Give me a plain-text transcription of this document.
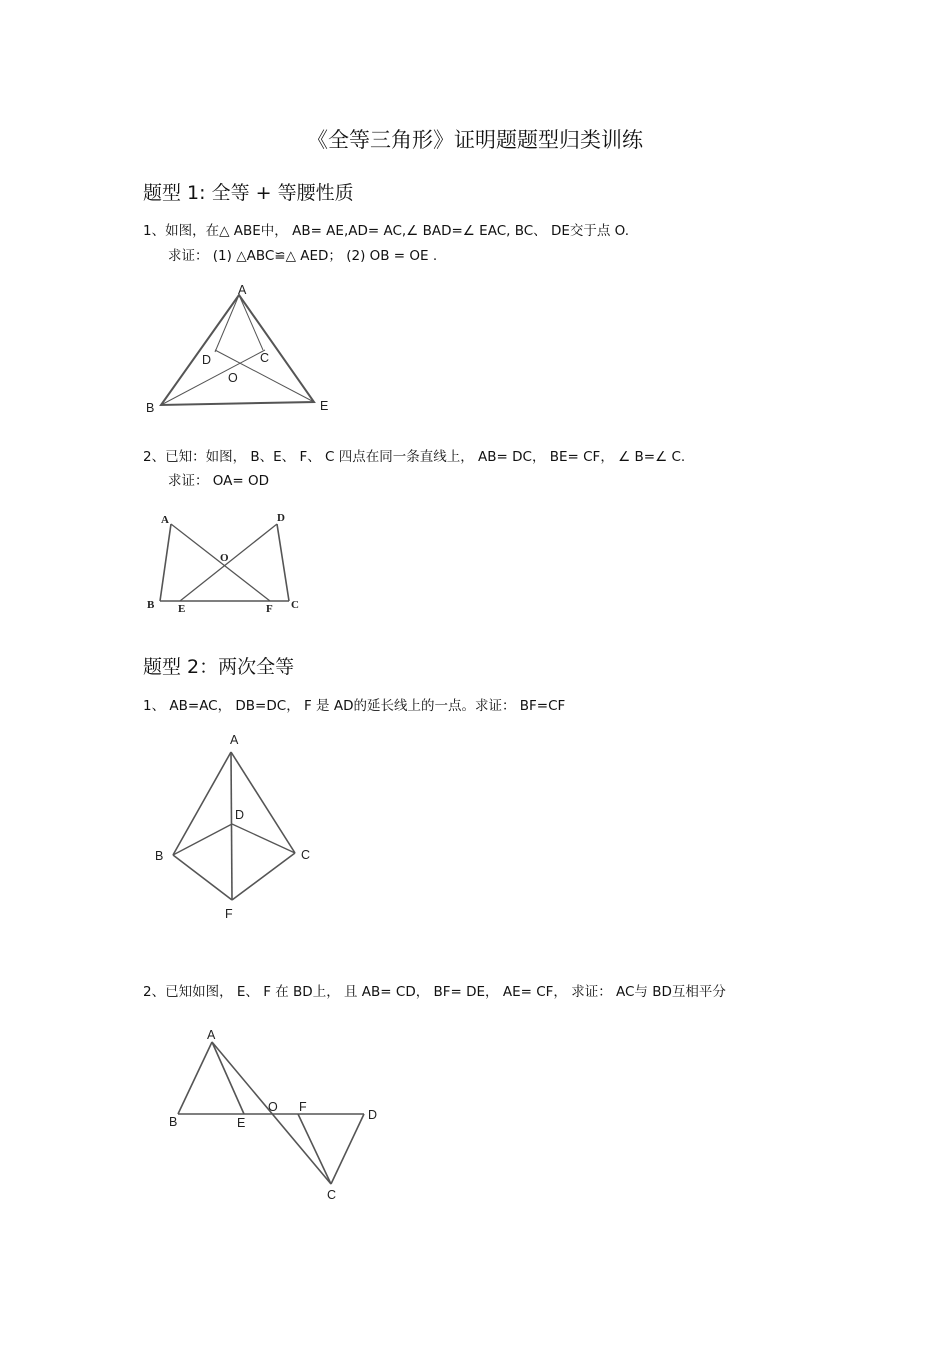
《全等三角形》证明题题型归类训练
题型 1: 全等 + 等腰性质
1、如图，在△ ABE中， AB= AE,AD= AC,∠ BAD=∠ EAC, BC、 DE交于点 O.
求证： (1) △ABC≌△ AED； (2) OB = OE .
A
B	E
D	C
O
2、已知：如图， B、E、 F、 C 四点在同一条直线上， AB= DC， BE= CF， ∠ B=∠ C.
求证： OA= OD
A	D
O
B E	F C
题型 2：两次全等
1、 AB=AC， DB=DC， F 是 AD的延长线上的一点。求证： BF=CF
A
D
B	C
F
2、已知如图， E、 F 在 BD上， 且 AB= CD， BF= DE， AE= CF， 求证： AC与 BD互相平分
A
B	E
O F
D
C
